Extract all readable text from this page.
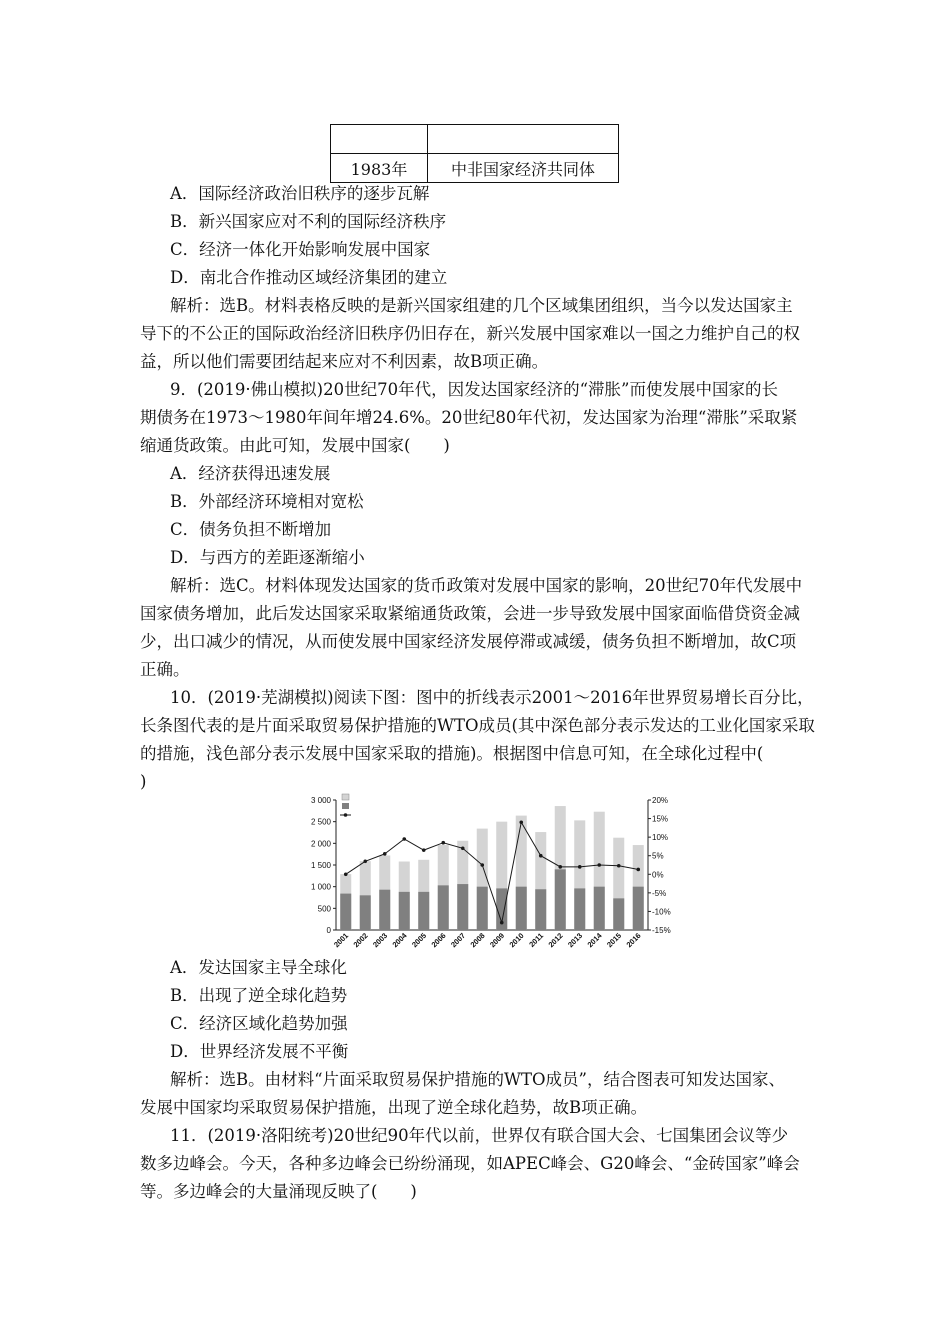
1983年	中非国家经济共同体
A．国际经济政治旧秩序的逐步瓦解
B．新兴国家应对不利的国际经济秩序
C．经济一体化开始影响发展中国家
D．南北合作推动区域经济集团的建立
解析：选B。材料表格反映的是新兴国家组建的几个区域集团组织，当今以发达国家主
导下的不公正的国际政治经济旧秩序仍旧存在，新兴发展中国家难以一国之力维护自己的权
益，所以他们需要团结起来应对不利因素，故B项正确。
9．(2019·佛山模拟)20世纪70年代，因发达国家经济的“滞胀”而使发展中国家的长
期债务在1973～1980年间年增24.6%。20世纪80年代初，发达国家为治理“滞胀”采取紧
缩通货政策。由此可知，发展中国家(　　)
A．经济获得迅速发展
B．外部经济环境相对宽松
C．债务负担不断增加
D．与西方的差距逐渐缩小
解析：选C。材料体现发达国家的货币政策对发展中国家的影响，20世纪70年代发展中
国家债务增加，此后发达国家采取紧缩通货政策，会进一步导致发展中国家面临借贷资金减
少，出口减少的情况，从而使发展中国家经济发展停滞或减缓，债务负担不断增加，故C项
正确。
10．(2019·芜湖模拟)阅读下图：图中的折线表示2001～2016年世界贸易增长百分比，
长条图代表的是片面采取贸易保护措施的WTO成员(其中深色部分表示发达的工业化国家采取
的措施，浅色部分表示发展中国家采取的措施)。根据图中信息可知，在全球化过程中(
)
3 000
2 500
2 000
1 500
1 000
500
0
20%
15%
10%
5%
0%
-5%
-10%
-15%
2001 2002 2003 2004 2005 2006 2007 2008 2009 2010 2011 2012 2013 2014 2015 2016
A．发达国家主导全球化
B．出现了逆全球化趋势
C．经济区域化趋势加强
D．世界经济发展不平衡
解析：选B。由材料“片面采取贸易保护措施的WTO成员”，结合图表可知发达国家、
发展中国家均采取贸易保护措施，出现了逆全球化趋势，故B项正确。
11．(2019·洛阳统考)20世纪90年代以前，世界仅有联合国大会、七国集团会议等少
数多边峰会。今天，各种多边峰会已纷纷涌现，如APEC峰会、G20峰会、“金砖国家”峰会
等。多边峰会的大量涌现反映了(　　)
